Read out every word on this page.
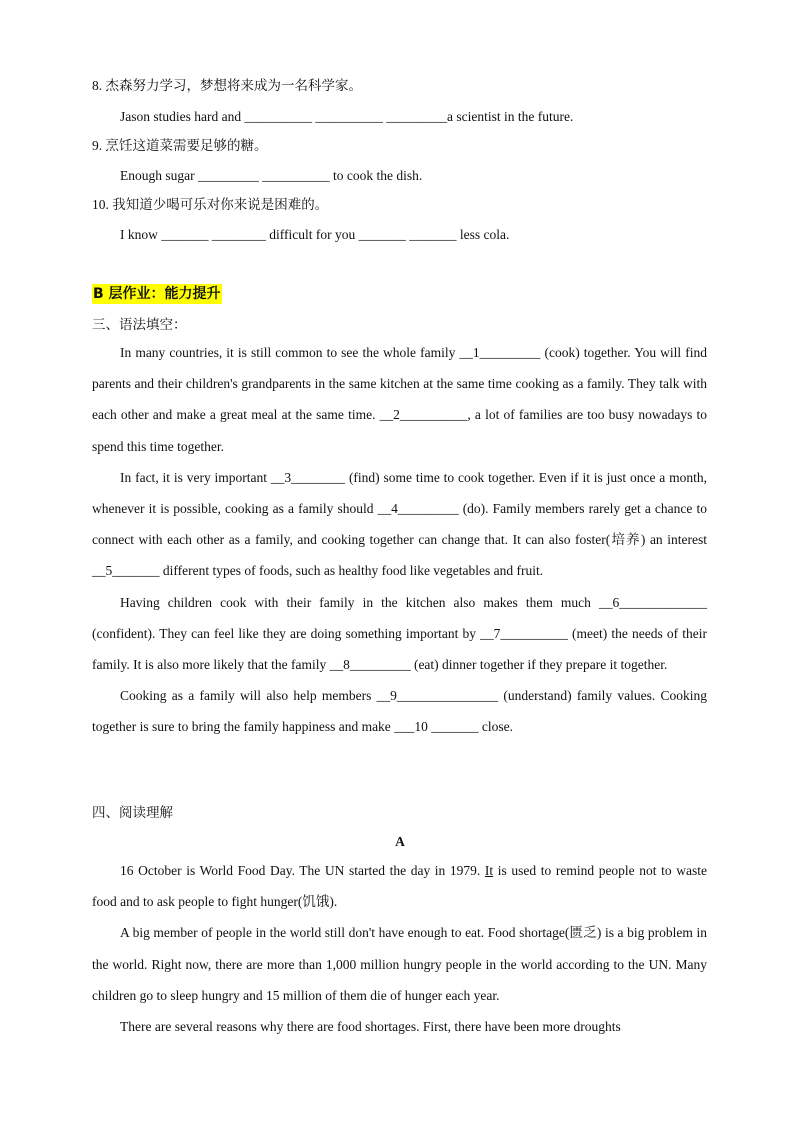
8. 杰森努力学习，梦想将来成为一名科学家。
Jason studies hard and __________ __________ _________a scientist in the future.
9. 烹饪这道菜需要足够的糖。
Enough sugar _________ __________ to cook the dish.
10. 我知道少喝可乐对你来说是困难的。
I know _______ ________ difficult for you _______ _______ less cola.
B 层作业：能力提升
三、语法填空：

In many countries, it is still common to see the whole family __1_________ (cook) together. You will find parents and their children's grandparents in the same kitchen at the same time cooking as a family. They talk with each other and make a great meal at the same time. __2__________, a lot of families are too busy nowadays to spend this time together.

In fact, it is very important __3________ (find) some time to cook together. Even if it is just once a month, whenever it is possible, cooking as a family should __4_________ (do). Family members rarely get a chance to connect with each other as a family, and cooking together can change that. It can also foster(培养) an interest __5_______ different types of foods, such as healthy food like vegetables and fruit.

Having children cook with their family in the kitchen also makes them much __6_____________ (confident). They can feel like they are doing something important by __7__________ (meet) the needs of their family. It is also more likely that the family __8_________ (eat) dinner together if they prepare it together.

Cooking as a family will also help members __9_______________ (understand) family values. Cooking together is sure to bring the family happiness and make ___10 _______ close.

四、阅读理解
A

16 October is World Food Day. The UN started the day in 1979. It is used to remind people not to waste food and to ask people to fight hunger(饥饿).

A big member of people in the world still don't have enough to eat. Food shortage(匮乏) is a big problem in the world. Right now, there are more than 1,000 million hungry people in the world according to the UN. Many children go to sleep hungry and 15 million of them die of hunger each year.

There are several reasons why there are food shortages. First, there have been more droughts
